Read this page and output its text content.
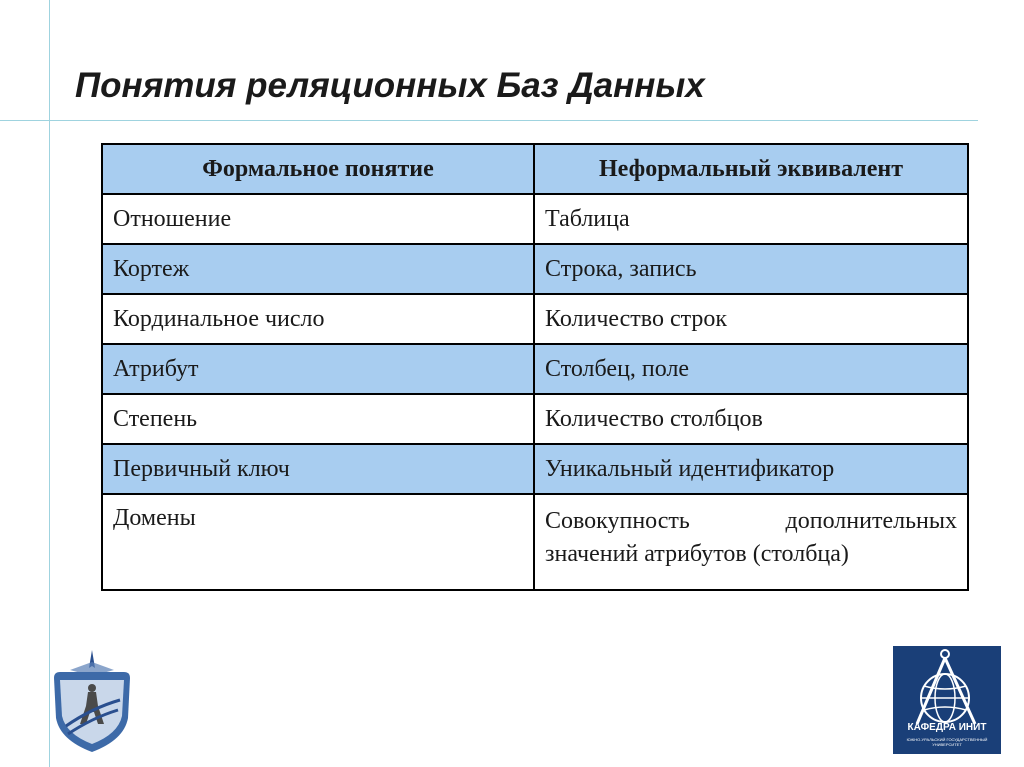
Понятия реляционных Баз Данных
Формальное понятие	Неформальный эквивалент
Отношение	Таблица
Кортеж	Строка, запись
Кординальное число	Количество строк
Атрибут	Столбец, поле
Степень	Количество столбцов
Первичный ключ	Уникальный идентификатор
Домены	Совокупность дополнительных значений атрибутов (столбца)
КАФЕДРА ИНИТ
ЮЖНО-УРАЛЬСКИЙ ГОСУДАРСТВЕННЫЙ УНИВЕРСИТЕТ
